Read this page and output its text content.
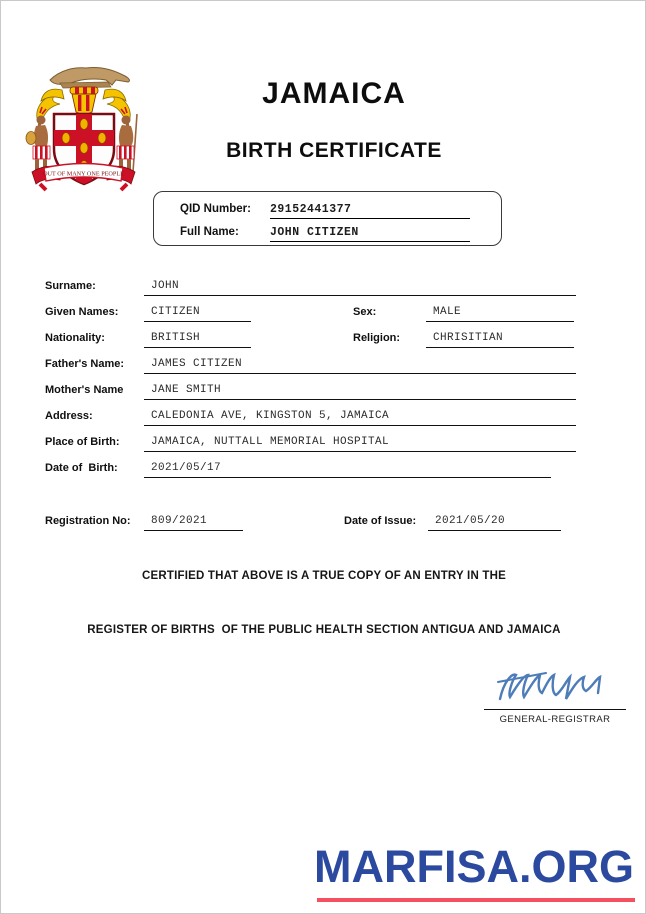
OUT OF MANY ONE PEOPLE
JAMAICA
BIRTH CERTIFICATE
QID Number: 29152441377
Full Name:	JOHN CITIZEN
Surname:	JOHN
Given Names:	CITIZEN	Sex:	MALE
Nationality:	BRITISH	Religion:	CHRISITIAN
Father's Name:	JAMES CITIZEN
Mother's Name	JANE SMITH
Address:	CALEDONIA AVE, KINGSTON 5, JAMAICA
Place of Birth:	JAMAICA, NUTTALL MEMORIAL HOSPITAL
Date of  Birth:	2021/05/17
Registration No:	809/2021	Date of Issue:	2021/05/20
CERTIFIED THAT ABOVE IS A TRUE COPY OF AN ENTRY IN THE
REGISTER OF BIRTHS  OF THE PUBLIC HEALTH SECTION ANTIGUA AND JAMAICA
GENERAL-REGISTRAR
MARFISA.ORG
